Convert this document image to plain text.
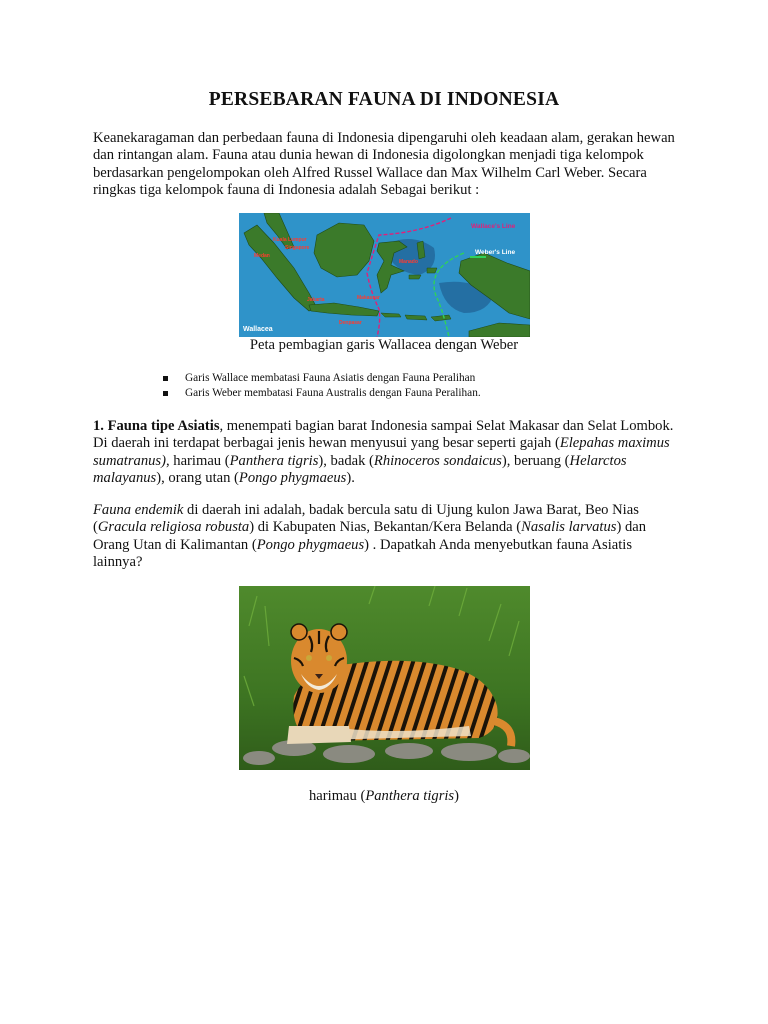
PERSEBARAN FAUNA DI INDONESIA

Keanekaragaman dan perbedaan fauna di Indonesia dipengaruhi oleh keadaan alam, gerakan hewan dan rintangan alam. Fauna atau dunia hewan di Indonesia digolongkan menjadi tiga kelompok berdasarkan pengelompokan oleh Alfred Russel Wallace dan Max Wilhelm Carl Weber. Secara ringkas tiga kelompok fauna di Indonesia adalah Sebagai berikut :

Wallace's Line
Weber's Line
Kuala Lumpur
Singapore
Medan
Manado
Jakarta	Makassar
Denpasar
Wallacea

Peta pembagian garis Wallacea dengan Weber

Garis Wallace membatasi Fauna Asiatis dengan Fauna Peralihan
Garis Weber membatasi Fauna Australis dengan Fauna Peralihan.

1. Fauna tipe Asiatis, menempati bagian barat Indonesia sampai Selat Makasar dan Selat Lombok. Di daerah ini terdapat berbagai jenis hewan menyusui yang besar seperti gajah (Elepahas maximus sumatranus), harimau (Panthera tigris), badak (Rhinoceros sondaicus), beruang (Helarctos malayanus), orang utan (Pongo phygmaeus).

Fauna endemik di daerah ini adalah, badak bercula satu di Ujung kulon Jawa Barat, Beo Nias (Gracula religiosa robusta) di Kabupaten Nias, Bekantan/Kera Belanda (Nasalis larvatus) dan Orang Utan di Kalimantan (Pongo phygmaeus) . Dapatkah Anda menyebutkan fauna Asiatis lainnya?

harimau (Panthera tigris)
